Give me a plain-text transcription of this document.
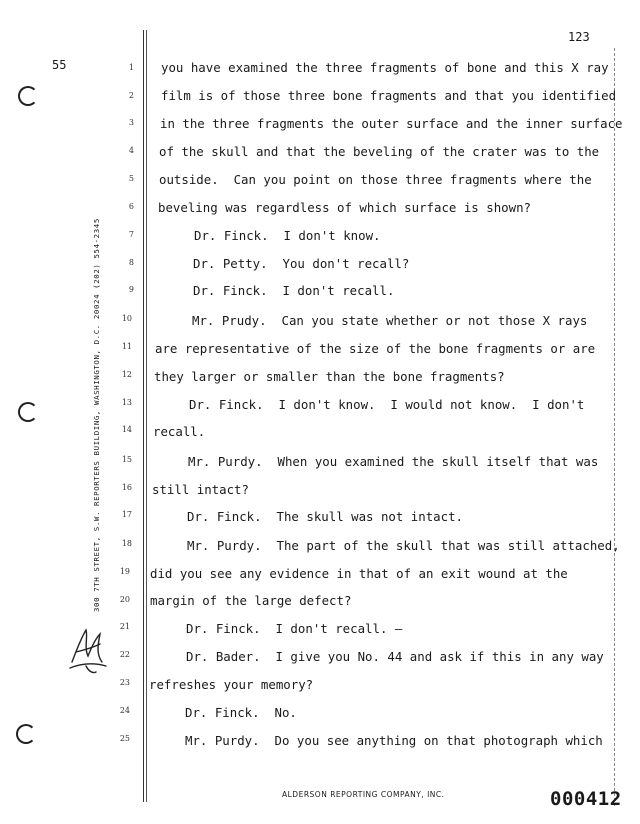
123
55
300 7TH STREET, S.W. REPORTERS BUILDING, WASHINGTON, D.C. 20024 (202) 554-2345
1
2
3
4
5
6
7
8
9
10
11
12
13
14
15
16
17
18
19
20
21
22
23
24
25
you have examined the three fragments of bone and this X ray
film is of those three bone fragments and that you identified
in the three fragments the outer surface and the inner surface
of the skull and that the beveling of the crater was to the
outside.  Can you point on those three fragments where the
beveling was regardless of which surface is shown?
Dr. Finck.  I don't know.
Dr. Petty.  You don't recall?
Dr. Finck.  I don't recall.
Mr. Prudy.  Can you state whether or not those X rays
are representative of the size of the bone fragments or are
they larger or smaller than the bone fragments?
Dr. Finck.  I don't know.  I would not know.  I don't
recall.
Mr. Purdy.  When you examined the skull itself that was
still intact?
Dr. Finck.  The skull was not intact.
Mr. Purdy.  The part of the skull that was still attached,
did you see any evidence in that of an exit wound at the
margin of the large defect?
Dr. Finck.  I don't recall. —
Dr. Bader.  I give you No. 44 and ask if this in any way
refreshes your memory?
Dr. Finck.  No.
Mr. Purdy.  Do you see anything on that photograph which
ALDERSON REPORTING COMPANY, INC.	000412
